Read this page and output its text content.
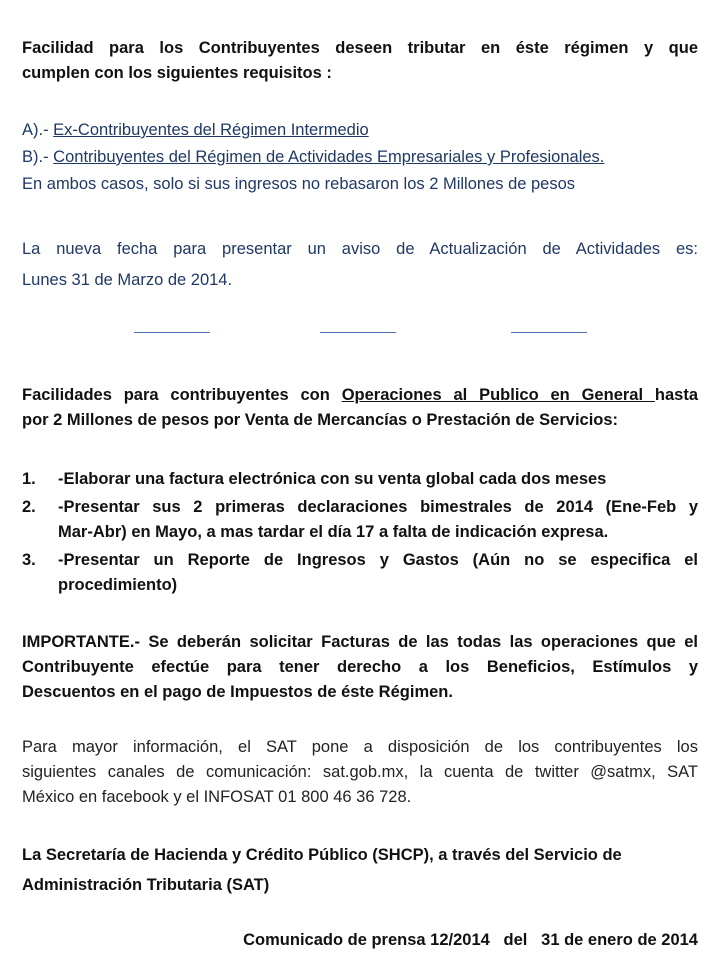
Facilidad para los Contribuyentes deseen tributar en éste régimen y que
cumplen con los siguientes requisitos :
A).- Ex-Contribuyentes del Régimen Intermedio
B).- Contribuyentes del Régimen de Actividades Empresariales y Profesionales.
En ambos casos, solo si sus ingresos no rebasaron los 2 Millones de pesos
La nueva fecha para presentar un aviso de Actualización de Actividades es:
Lunes 31 de Marzo de 2014.
Facilidades para contribuyentes con Operaciones al Publico en General hasta
por 2 Millones de pesos por Venta de Mercancías o Prestación de Servicios:
1. -Elaborar una factura electrónica con su venta global cada dos meses
2. -Presentar sus 2 primeras declaraciones bimestrales de 2014 (Ene-Feb y
Mar-Abr) en Mayo, a mas tardar el día 17 a falta de indicación expresa.
3. -Presentar un Reporte de Ingresos y Gastos (Aún no se especifica el
procedimiento)
IMPORTANTE.- Se deberán solicitar Facturas de las todas las operaciones que el
Contribuyente efectúe para tener derecho a los Beneficios, Estímulos y
Descuentos en el pago de Impuestos de éste Régimen.
Para mayor información, el SAT pone a disposición de los contribuyentes los
siguientes canales de comunicación: sat.gob.mx, la cuenta de twitter @satmx, SAT
México en facebook y el INFOSAT 01 800 46 36 728.
La Secretaría de Hacienda y Crédito Público (SHCP), a través del Servicio de
Administración Tributaria (SAT)
Comunicado de prensa 12/2014   del   31 de enero de 2014
